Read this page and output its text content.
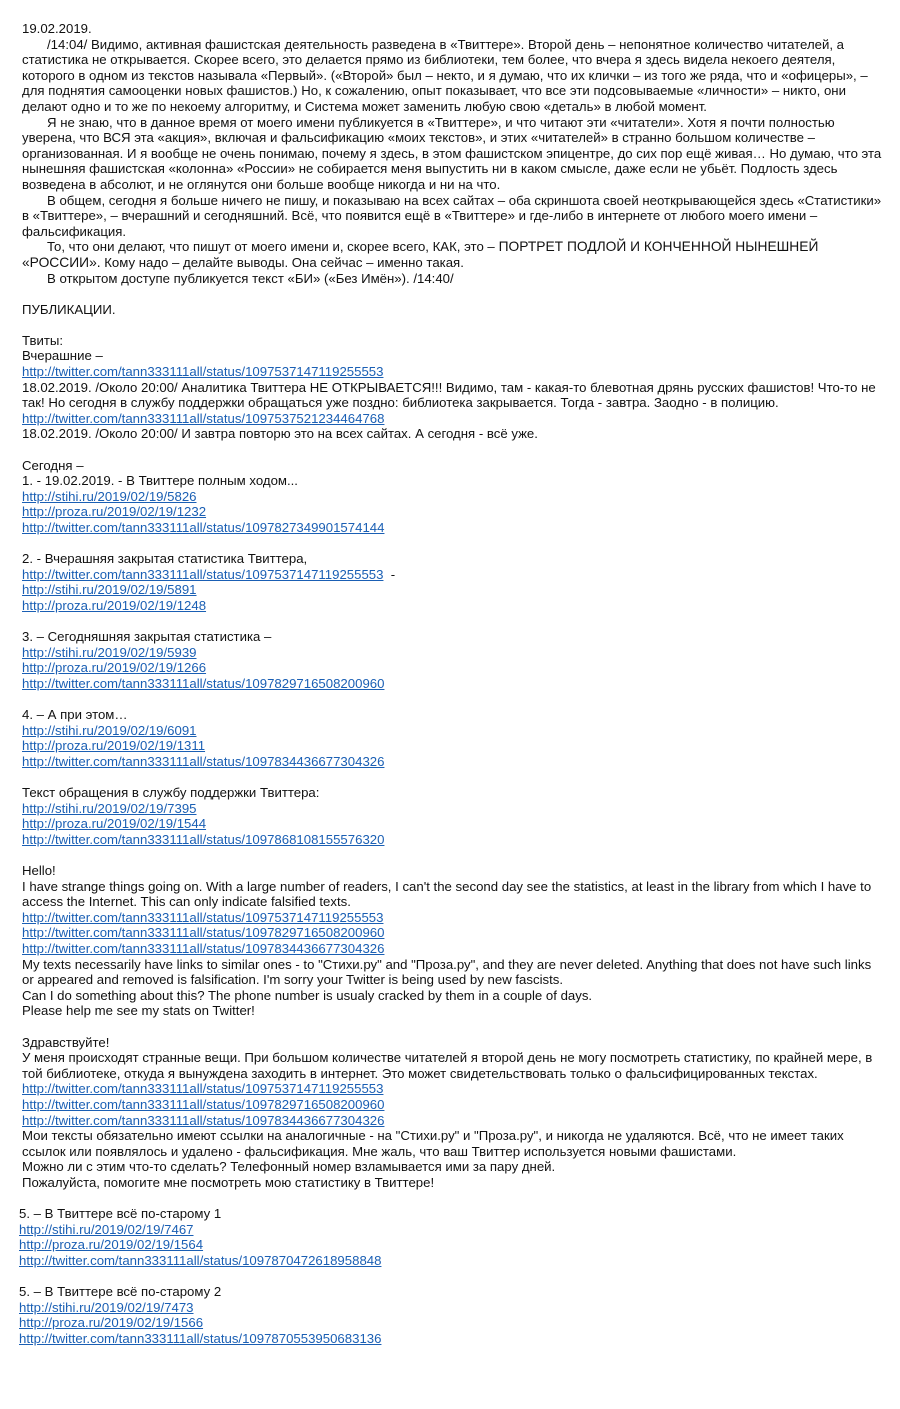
19.02.2019.

/14:04/ Видимо, активная фашистская деятельность разведена в «Твиттере». Второй день – непонятное количество читателей, а статистика не открывается. Скорее всего, это делается прямо из библиотеки, тем более, что вчера я здесь видела некоего деятеля, которого в одном из текстов называла «Первый». («Второй» был – некто, и я думаю, что их клички – из того же ряда, что и «офицеры», – для поднятия самооценки новых фашистов.) Но, к сожалению, опыт показывает, что все эти подсовываемые «личности» – никто, они делают одно и то же по некоему алгоритму, и Система может заменить любую свою «деталь» в любой момент.

Я не знаю, что в данное время от моего имени публикуется в «Твиттере», и что читают эти «читатели». Хотя я почти полностью уверена, что ВСЯ эта «акция», включая и фальсификацию «моих текстов», и этих «читателей» в странно большом количестве – организованная. И я вообще не очень понимаю, почему я здесь, в этом фашистском эпицентре, до сих пор ещё живая… Но думаю, что эта нынешняя фашистская «колонна» «России» не собирается меня выпустить ни в каком смысле, даже если не убьёт. Подлость здесь возведена в абсолют, и не оглянутся они больше вообще никогда и ни на что.

В общем, сегодня я больше ничего не пишу, и показываю на всех сайтах – оба скриншота своей неоткрывающейся здесь «Статистики» в «Твиттере», – вчерашний и сегодняшний. Всё, что появится ещё в «Твиттере» и где-либо в интернете от любого моего имени – фальсификация.

То, что они делают, что пишут от моего имени и, скорее всего, КАК, это – ПОРТРЕТ ПОДЛОЙ И КОНЧЕННОЙ НЫНЕШНЕЙ «РОССИИ». Кому надо – делайте выводы. Она сейчас – именно такая.

В открытом доступе публикуется текст «БИ» («Без Имён»). /14:40/

ПУБЛИКАЦИИ.

Твиты:

Вчерашние –

http://twitter.com/tann333111all/status/1097537147119255553

18.02.2019. /Около 20:00/ Аналитика Твиттера НЕ ОТКРЫВАЕТСЯ!!! Видимо, там - какая-то блевотная дрянь русских фашистов! Что-то не так! Но сегодня в службу поддержки обращаться уже поздно: библиотека закрывается. Тогда - завтра. Заодно - в полицию.

http://twitter.com/tann333111all/status/1097537521234464768

18.02.2019. /Около 20:00/ И завтра повторю это на всех сайтах. А сегодня - всё уже.

Сегодня –

1. - 19.02.2019. - В Твиттере полным ходом...

http://stihi.ru/2019/02/19/5826

http://proza.ru/2019/02/19/1232

http://twitter.com/tann333111all/status/1097827349901574144

2. - Вчерашняя закрытая статистика Твиттера,

http://twitter.com/tann333111all/status/1097537147119255553  -

http://stihi.ru/2019/02/19/5891

http://proza.ru/2019/02/19/1248

3. – Сегодняшняя закрытая статистика –

http://stihi.ru/2019/02/19/5939

http://proza.ru/2019/02/19/1266

http://twitter.com/tann333111all/status/1097829716508200960

4. – А при этом…

http://stihi.ru/2019/02/19/6091

http://proza.ru/2019/02/19/1311

http://twitter.com/tann333111all/status/1097834436677304326

Текст обращения в службу поддержки Твиттера:

http://stihi.ru/2019/02/19/7395

http://proza.ru/2019/02/19/1544

http://twitter.com/tann333111all/status/1097868108155576320

Hello!

I have strange things going on. With a large number of readers, I can't the second day see the statistics, at least in the library from which I have to access the Internet. This can only indicate falsified texts.

http://twitter.com/tann333111all/status/1097537147119255553

http://twitter.com/tann333111all/status/1097829716508200960

http://twitter.com/tann333111all/status/1097834436677304326

My texts necessarily have links to similar ones - to "Стихи.ру" and "Проза.ру", and they are never deleted. Anything that does not have such links or appeared and removed is falsification. I'm sorry your Twitter is being used by new fascists.

Can I do something about this? The phone number is usualy cracked by them in a couple of days.

Please help me see my stats on Twitter!

Здравствуйте!

У меня происходят странные вещи. При большом количестве читателей я второй день не могу посмотреть статистику, по крайней мере, в той библиотеке, откуда я вынуждена заходить в интернет. Это может свидетельствовать только о фальсифицированных текстах.

http://twitter.com/tann333111all/status/1097537147119255553

http://twitter.com/tann333111all/status/1097829716508200960

http://twitter.com/tann333111all/status/1097834436677304326

Мои тексты обязательно имеют ссылки на аналогичные - на "Стихи.ру" и "Проза.ру", и никогда не удаляются. Всё, что не имеет таких ссылок или появлялось и удалено - фальсификация. Мне жаль, что ваш Твиттер используется новыми фашистами.

Можно ли с этим что-то сделать? Телефонный номер взламывается ими за пару дней.

Пожалуйста, помогите мне посмотреть мою статистику в Твиттере!

5. – В Твиттере всё по-старому 1

http://stihi.ru/2019/02/19/7467

http://proza.ru/2019/02/19/1564

http://twitter.com/tann333111all/status/1097870472618958848

5. – В Твиттере всё по-старому 2

http://stihi.ru/2019/02/19/7473

http://proza.ru/2019/02/19/1566

http://twitter.com/tann333111all/status/1097870553950683136
